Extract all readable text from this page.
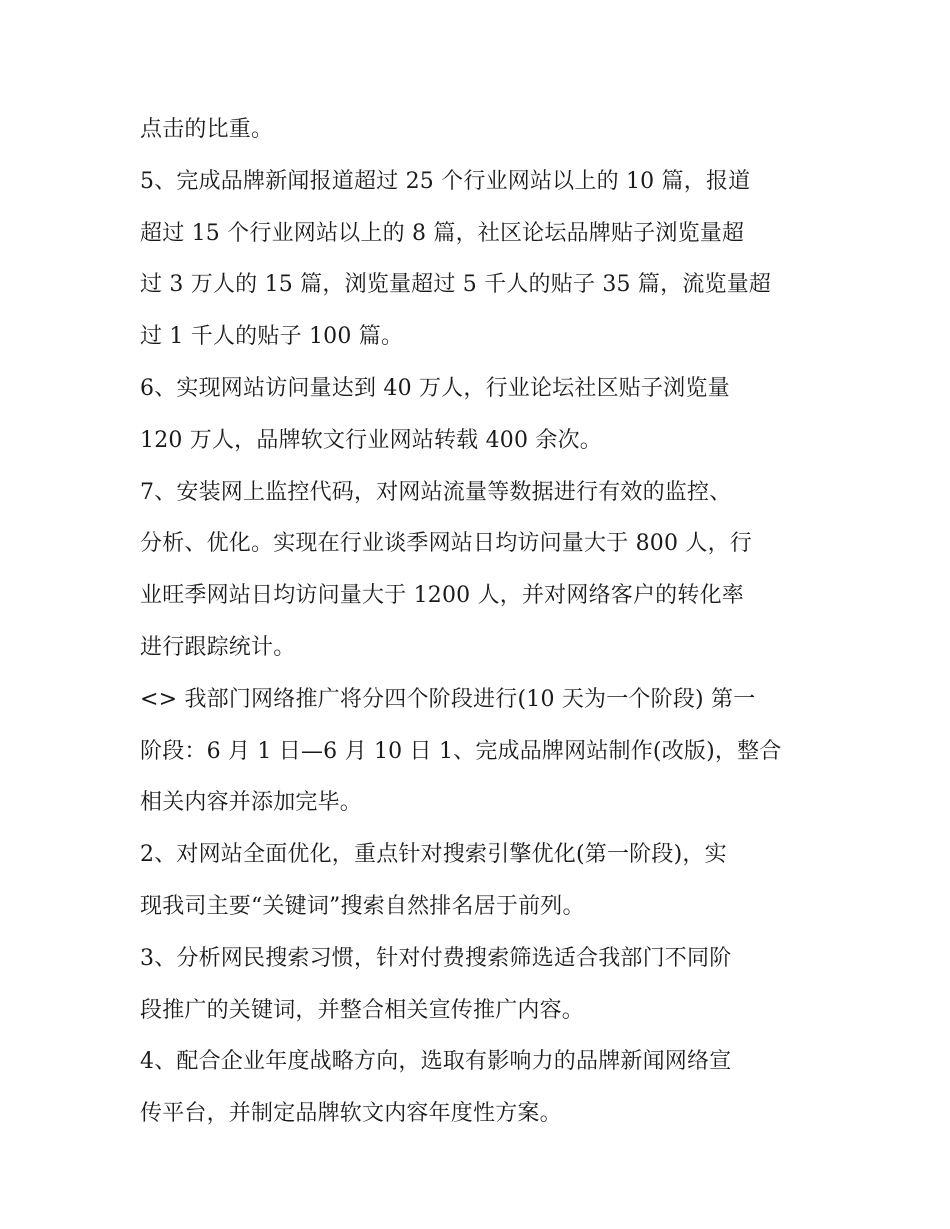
点击的比重。

5、完成品牌新闻报道超过 25 个行业网站以上的 10 篇，报道
超过 15 个行业网站以上的 8 篇，社区论坛品牌贴子浏览量超
过 3 万人的 15 篇，浏览量超过 5 千人的贴子 35 篇，流览量超
过 1 千人的贴子 100 篇。

6、实现网站访问量达到 40 万人，行业论坛社区贴子浏览量
120 万人，品牌软文行业网站转载 400 余次。

7、安装网上监控代码，对网站流量等数据进行有效的监控、
分析、优化。实现在行业谈季网站日均访问量大于 800 人，行
业旺季网站日均访问量大于 1200 人，并对网络客户的转化率
进行跟踪统计。

<> 我部门网络推广将分四个阶段进行(10 天为一个阶段) 第一
阶段：6 月 1 日—6 月 10 日 1、完成品牌网站制作(改版)，整合
相关内容并添加完毕。

2、对网站全面优化，重点针对搜索引擎优化(第一阶段)，实
现我司主要“关键词”搜索自然排名居于前列。

3、分析网民搜索习惯，针对付费搜索筛选适合我部门不同阶
段推广的关键词，并整合相关宣传推广内容。

4、配合企业年度战略方向，选取有影响力的品牌新闻网络宣
传平台，并制定品牌软文内容年度性方案。
